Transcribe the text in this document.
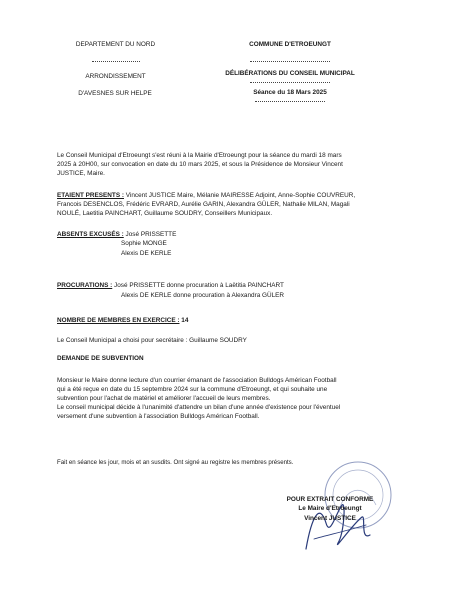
DEPARTEMENT DU NORD
ARRONDISSEMENT
D'AVESNES SUR HELPE
COMMUNE D'ETROEUNGT
DÉLIBÉRATIONS DU CONSEIL MUNICIPAL
Séance du 18 Mars 2025
Le Conseil Municipal d'Etroeungt s'est réuni à la Mairie d'Etroeungt pour la séance du mardi 18 mars
2025 à 20H00, sur convocation en date du 10 mars 2025, et sous la Présidence de Monsieur Vincent
JUSTICE, Maire.
ETAIENT PRESENTS : Vincent JUSTICE Maire, Mélanie MAIRESSE Adjoint, Anne-Sophie COUVREUR,
Francois DESENCLOS, Frédéric EVRARD, Aurélie GARIN, Alexandra GÜLER, Nathalie MILAN, Magali
NOULÉ, Laetitia PAINCHART, Guillaume SOUDRY, Conseillers Municipaux.
ABSENTS EXCUSÉS : José PRISSETTE
Sophie MONGE
Alexis DE KERLE
PROCURATIONS : José PRISSETTE donne procuration à Laëtitia PAINCHART
Alexis DE KERLE donne procuration à Alexandra GÜLER
NOMBRE DE MEMBRES EN EXERCICE : 14
Le Conseil Municipal a choisi pour secrétaire : Guillaume SOUDRY
DEMANDE DE SUBVENTION
Monsieur le Maire donne lecture d'un courrier émanant de l'association Bulldogs Américan Football
qui a été reçue en date du 15 septembre 2024 sur la commune d'Etroeungt, et qui souhaite une
subvention pour l'achat de matériel et améliorer l'accueil de leurs membres.
Le conseil municipal décide à l'unanimité d'attendre un bilan d'une année d'existence pour l'éventuel
versement d'une subvention à l'association Bulldogs Américan Football.
Fait en séance les jour, mois et an susdits. Ont signé au registre les membres présents.
POUR EXTRAIT CONFORME
Le Maire d'Etroeungt
Vincent JUSTICE
